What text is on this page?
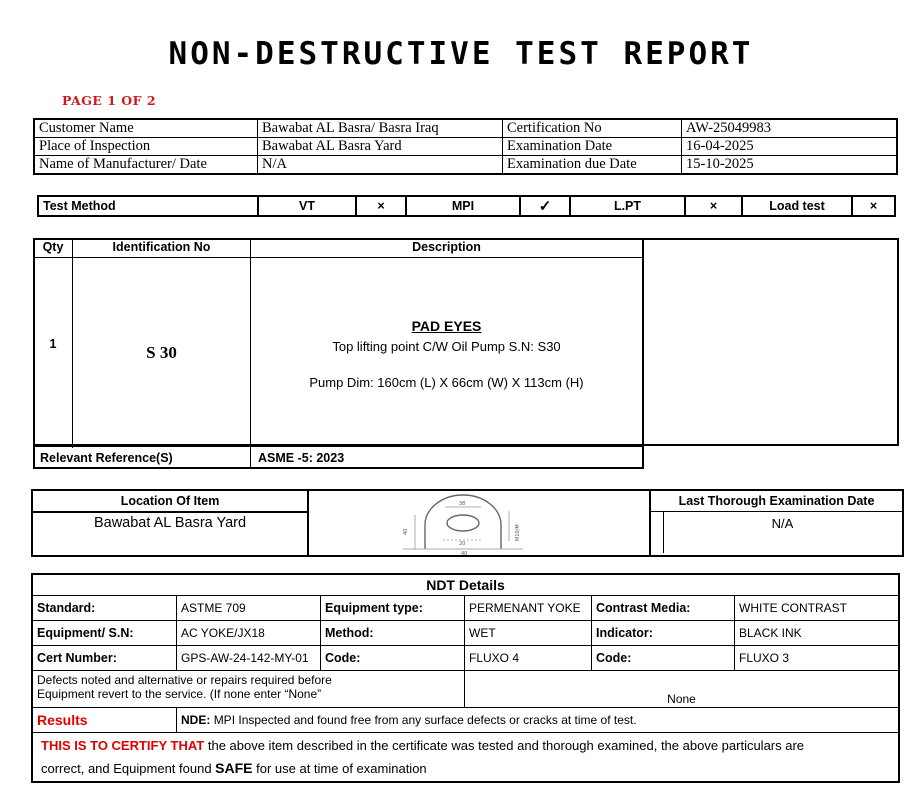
NON-DESTRUCTIVE TEST REPORT
PAGE 1 OF 2
Customer Name	Bawabat AL Basra/ Basra Iraq	Certification No	AW-25049983
Place of Inspection	Bawabat AL Basra Yard	Examination Date	16-04-2025
Name of Manufacturer/ Date	N/A	Examination due Date	15-10-2025
Test Method	VT	×	MPI	✓	L.PT	×	Load test	×
Qty	Identification No	Description
1	S 30
PAD EYES
Top lifting point C/W Oil Pump S.N: S30
Pump Dim: 160cm (L) X 66cm (W) X 113cm (H)
Relevant Reference(S)	ASME -5: 2023
Location Of Item
Bawabat AL Basra Yard
Last Thorough Examination Date
N/A
38
20
40
40	M10/M
NDT Details					
Standard:	ASTME 709	Equipment type:	PERMENANT YOKE	Contrast Media:	WHITE CONTRAST
Equipment/ S.N:	AC YOKE/JX18	Method:	WET	Indicator:	BLACK INK
Cert Number:	GPS-AW-24-142-MY-01	Code:	FLUXO 4	Code:	FLUXO 3

Defects noted and alternative or repairs required before
Equipment revert to the service. (If none enter “None”			None		
Results	NDE: MPI Inspected and found free from any surface defects or cracks at time of test.				
THIS IS TO CERTIFY THAT the above item described in the certificate was tested and thorough examined, the above particulars are
correct, and Equipment found SAFE for use at time of examination					
